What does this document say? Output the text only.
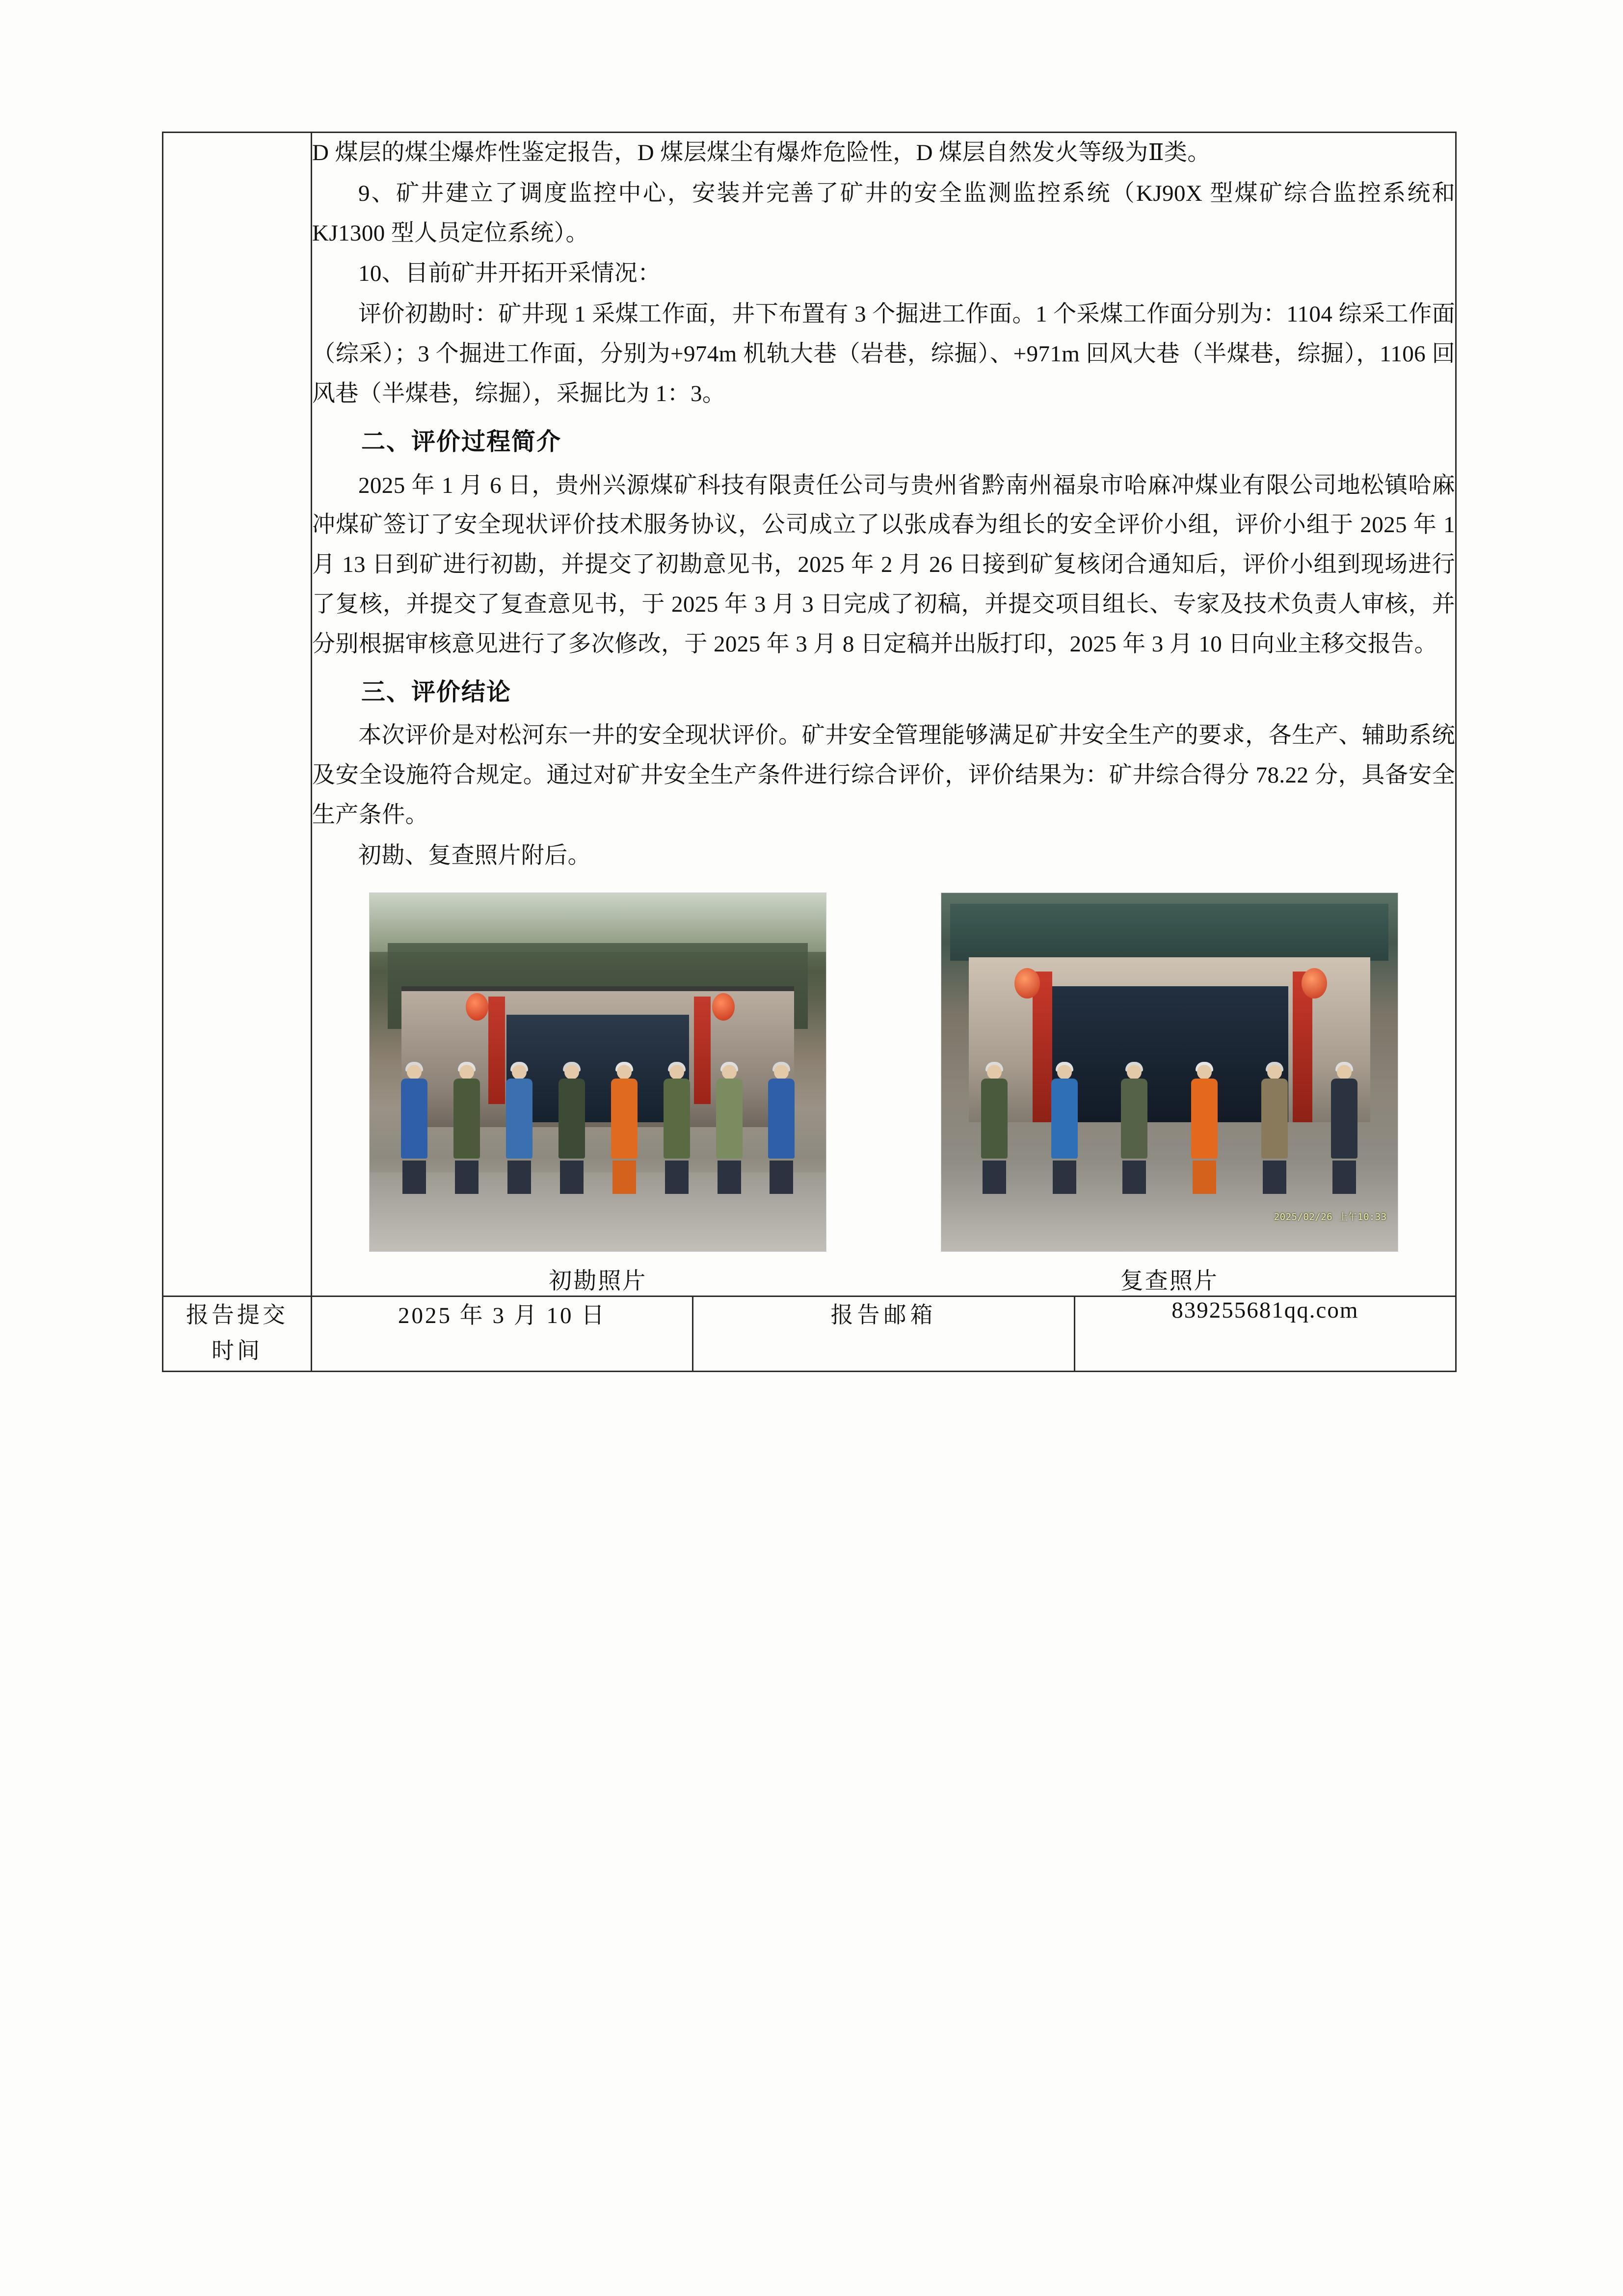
D 煤层的煤尘爆炸性鉴定报告，D 煤层煤尘有爆炸危险性，D 煤层自然发火等级为Ⅱ类。

9、矿井建立了调度监控中心，安装并完善了矿井的安全监测监控系统（KJ90X 型煤矿综合监控系统和 KJ1300 型人员定位系统）。

10、目前矿井开拓开采情况：

评价初勘时：矿井现 1 采煤工作面，井下布置有 3 个掘进工作面。1 个采煤工作面分别为：1104 综采工作面（综采）；3 个掘进工作面，分别为+974m 机轨大巷（岩巷，综掘）、+971m 回风大巷（半煤巷，综掘），1106 回风巷（半煤巷，综掘），采掘比为 1：3。

二、评价过程简介

2025 年 1 月 6 日，贵州兴源煤矿科技有限责任公司与贵州省黔南州福泉市哈麻冲煤业有限公司地松镇哈麻冲煤矿签订了安全现状评价技术服务协议，公司成立了以张成春为组长的安全评价小组，评价小组于 2025 年 1 月 13 日到矿进行初勘，并提交了初勘意见书，2025 年 2 月 26 日接到矿复核闭合通知后，评价小组到现场进行了复核，并提交了复查意见书，于 2025 年 3 月 3 日完成了初稿，并提交项目组长、专家及技术负责人审核，并分别根据审核意见进行了多次修改，于 2025 年 3 月 8 日定稿并出版打印，2025 年 3 月 10 日向业主移交报告。

三、评价结论

本次评价是对松河东一井的安全现状评价。矿井安全管理能够满足矿井安全生产的要求，各生产、辅助系统及安全设施符合规定。通过对矿井安全生产条件进行综合评价，评价结果为：矿井综合得分 78.22 分，具备安全生产条件。

初勘、复查照片附后。

初勘照片
2025/02/26 上午10:33
复查照片

报告提交
时间	2025 年 3 月 10 日	报告邮箱	839255681qq.com
